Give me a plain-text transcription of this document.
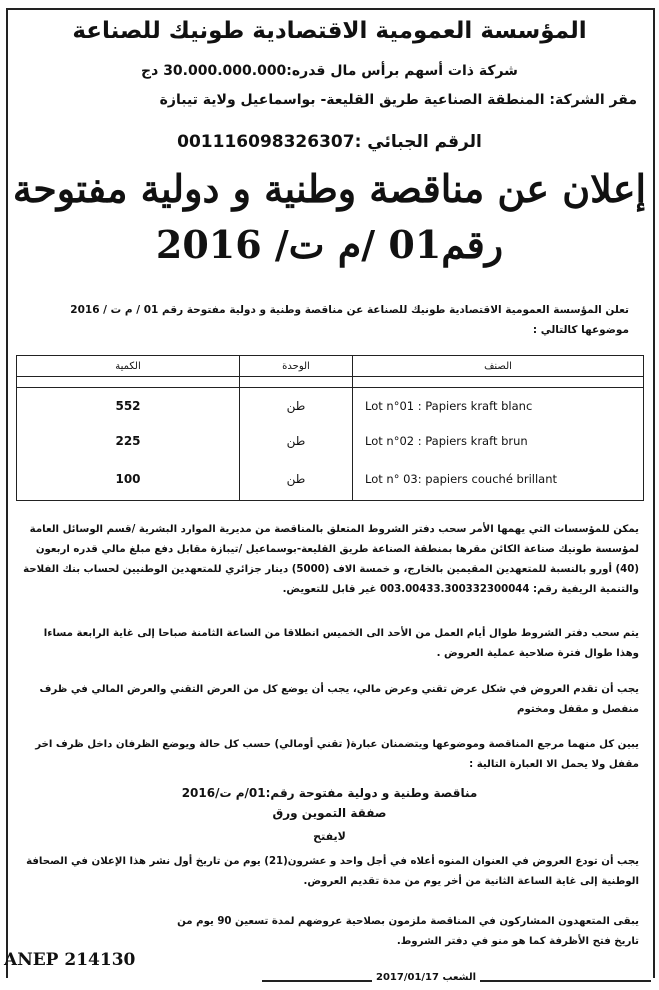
المؤسسة العمومية الاقتصادية طونيك للصناعة
شركة ذات أسهم برأس مال قدره:30.000.000.000 دج
مقر الشركة: المنطقة الصناعية طريق القليعة- بواسماعيل ولاية تيبازة
الرقم الجبائي :001116098326307
إعلان عن مناقصة وطنية و دولية مفتوحة
رقم01 /م ت/ 2016
تعلن المؤسسة العمومية الاقتصادية طونيك للصناعة عن مناقصة وطنية و دولية مفتوحة رقم 01 / م ت / 2016
موضوعها كالتالي :
الكمية	الوحدة	الصنف

552	طن	Lot n°01 : Papiers kraft blanc
225	طن	Lot n°02 : Papiers kraft brun
100	طن	Lot n° 03: papiers couché brillant
يمكن للمؤسسات التي يهمها الأمر سحب دفتر الشروط المتعلق بالمناقصة من مديرية الموارد البشرية /قسم الوسائل العامة لمؤسسة طونيك صناعة الكائن مقرها بمنطقة الصناعة طريق القليعة-بوسماعيل /تيبازة مقابل دفع مبلغ مالي قدره اربعون (40) أورو بالنسبة للمتعهدين المقيمين بالخارج، و خمسة الاف (5000) دينار جزائري للمتعهدين الوطنيين لحساب بنك الفلاحة والتنمية الريفية رقم: 003.00433.300332300044 غير قابل للتعويض.
يتم سحب دفتر الشروط طوال أيام العمل من الأحد الى الخميس انطلاقا من الساعة الثامنة صباحا إلى غاية الرابعة مساءا وهذا طوال فترة صلاحية عملية العروض .
يجب أن تقدم العروض في شكل عرض تقني وعرض مالي، يجب أن يوضع كل من العرض التقني والعرض المالي في ظرف منفصل و مقفل ومختوم
يبين كل منهما مرجع المناقصة وموضوعها ويتضمنان عبارة( تقني أومالي) حسب كل حالة ويوضع الظرفان داخل ظرف اخر مقفل ولا يحمل الا العبارة التالية :
مناقصة وطنية و دولية مفتوحة رقم:01/م ت/2016
صفقة التموين ورق
لايفتح
يجب أن تودع العروض في العنوان المنوه أعلاه في أجل واحد و عشرون(21) يوم من تاريخ أول نشر هذا الإعلان في الصحافة الوطنية إلى غاية الساعة الثانية من أخر يوم من مدة تقديم العروض.
يبقى المتعهدون المشاركون في المناقصة ملزمون بصلاحية عروضهم لمدة تسعين 90 يوم من تاريخ فتح الأظرفة كما هو منو في دفتر الشروط.
ANEP 214130
الشعب 2017/01/17
